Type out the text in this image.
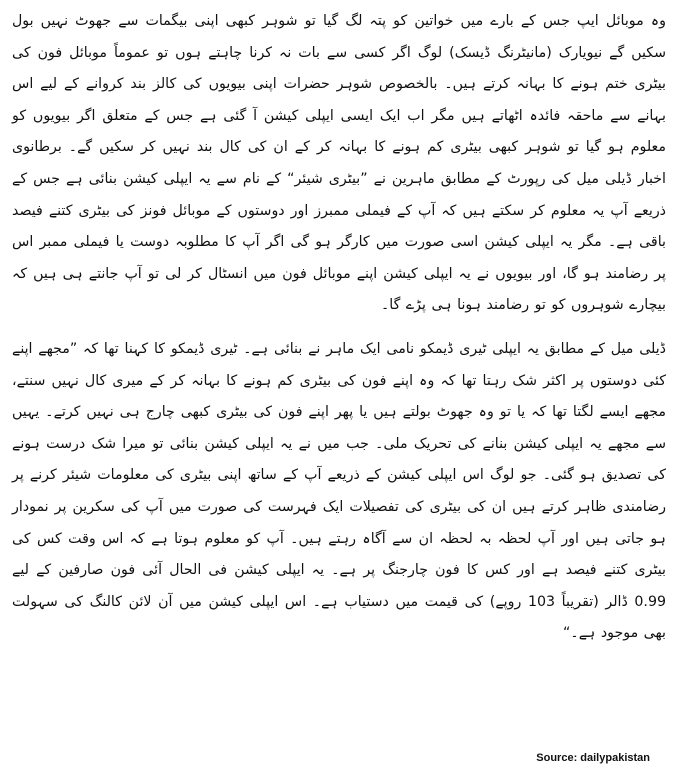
وہ موبائل ایپ جس کے بارے میں خواتین کو پتہ لگ گیا تو شوہر کبھی اپنی بیگمات سے جھوٹ نہیں بول سکیں گے نیویارک (مانیٹرنگ ڈیسک) لوگ اگر کسی سے بات نہ کرنا چاہتے ہوں تو عموماً موبائل فون کی بیٹری ختم ہونے کا بہانہ کرتے ہیں۔ بالخصوص شوہر حضرات اپنی بیویوں کی کالز بند کروانے کے لیے اس بہانے سے ماحقہ فائدہ اٹھاتے ہیں مگر اب ایک ایسی ایپلی کیشن آ گئی ہے جس کے متعلق اگر بیویوں کو معلوم ہو گیا تو شوہر کبھی بیٹری کم ہونے کا بہانہ کر کے ان کی کال بند نہیں کر سکیں گے۔ برطانوی اخبار ڈیلی میل کی رپورٹ کے مطابق ماہرین نے ”بیٹری شیئر“ کے نام سے یہ ایپلی کیشن بنائی ہے جس کے ذریعے آپ یہ معلوم کر سکتے ہیں کہ آپ کے فیملی ممبرز اور دوستوں کے موبائل فونز کی بیٹری کتنے فیصد باقی ہے۔ مگر یہ ایپلی کیشن اسی صورت میں کارگر ہو گی اگر آپ کا مطلوبہ دوست یا فیملی ممبر اس پر رضامند ہو گا، اور بیویوں نے یہ ایپلی کیشن اپنے موبائل فون میں انسٹال کر لی تو آپ جانتے ہی ہیں کہ بیچارے شوہروں کو تو رضامند ہونا ہی پڑے گا۔

ڈیلی میل کے مطابق یہ ایپلی ٹیری ڈیمکو نامی ایک ماہر نے بنائی ہے۔ ٹیری ڈیمکو کا کہنا تھا کہ ”مجھے اپنے کئی دوستوں پر اکثر شک رہتا تھا کہ وہ اپنے فون کی بیٹری کم ہونے کا بہانہ کر کے میری کال نہیں سنتے، مجھے ایسے لگتا تھا کہ یا تو وہ جھوٹ بولتے ہیں یا پھر اپنے فون کی بیٹری کبھی چارج ہی نہیں کرتے۔ یہیں سے مجھے یہ ایپلی کیشن بنانے کی تحریک ملی۔ جب میں نے یہ ایپلی کیشن بنائی تو میرا شک درست ہونے کی تصدیق ہو گئی۔ جو لوگ اس ایپلی کیشن کے ذریعے آپ کے ساتھ اپنی بیٹری کی معلومات شیئر کرنے پر رضامندی ظاہر کرتے ہیں ان کی بیٹری کی تفصیلات ایک فہرست کی صورت میں آپ کی سکرین پر نمودار ہو جاتی ہیں اور آپ لحظہ بہ لحظہ ان سے آگاہ رہتے ہیں۔ آپ کو معلوم ہوتا ہے کہ اس وقت کس کی بیٹری کتنے فیصد ہے اور کس کا فون چارجنگ پر ہے۔ یہ ایپلی کیشن فی الحال آئی فون صارفین کے لیے 0.99 ڈالر (تقریباً 103 روپے) کی قیمت میں دستیاب ہے۔ اس ایپلی کیشن میں آن لائن کالنگ کی سہولت بھی موجود ہے۔“

Source: dailypakistan
